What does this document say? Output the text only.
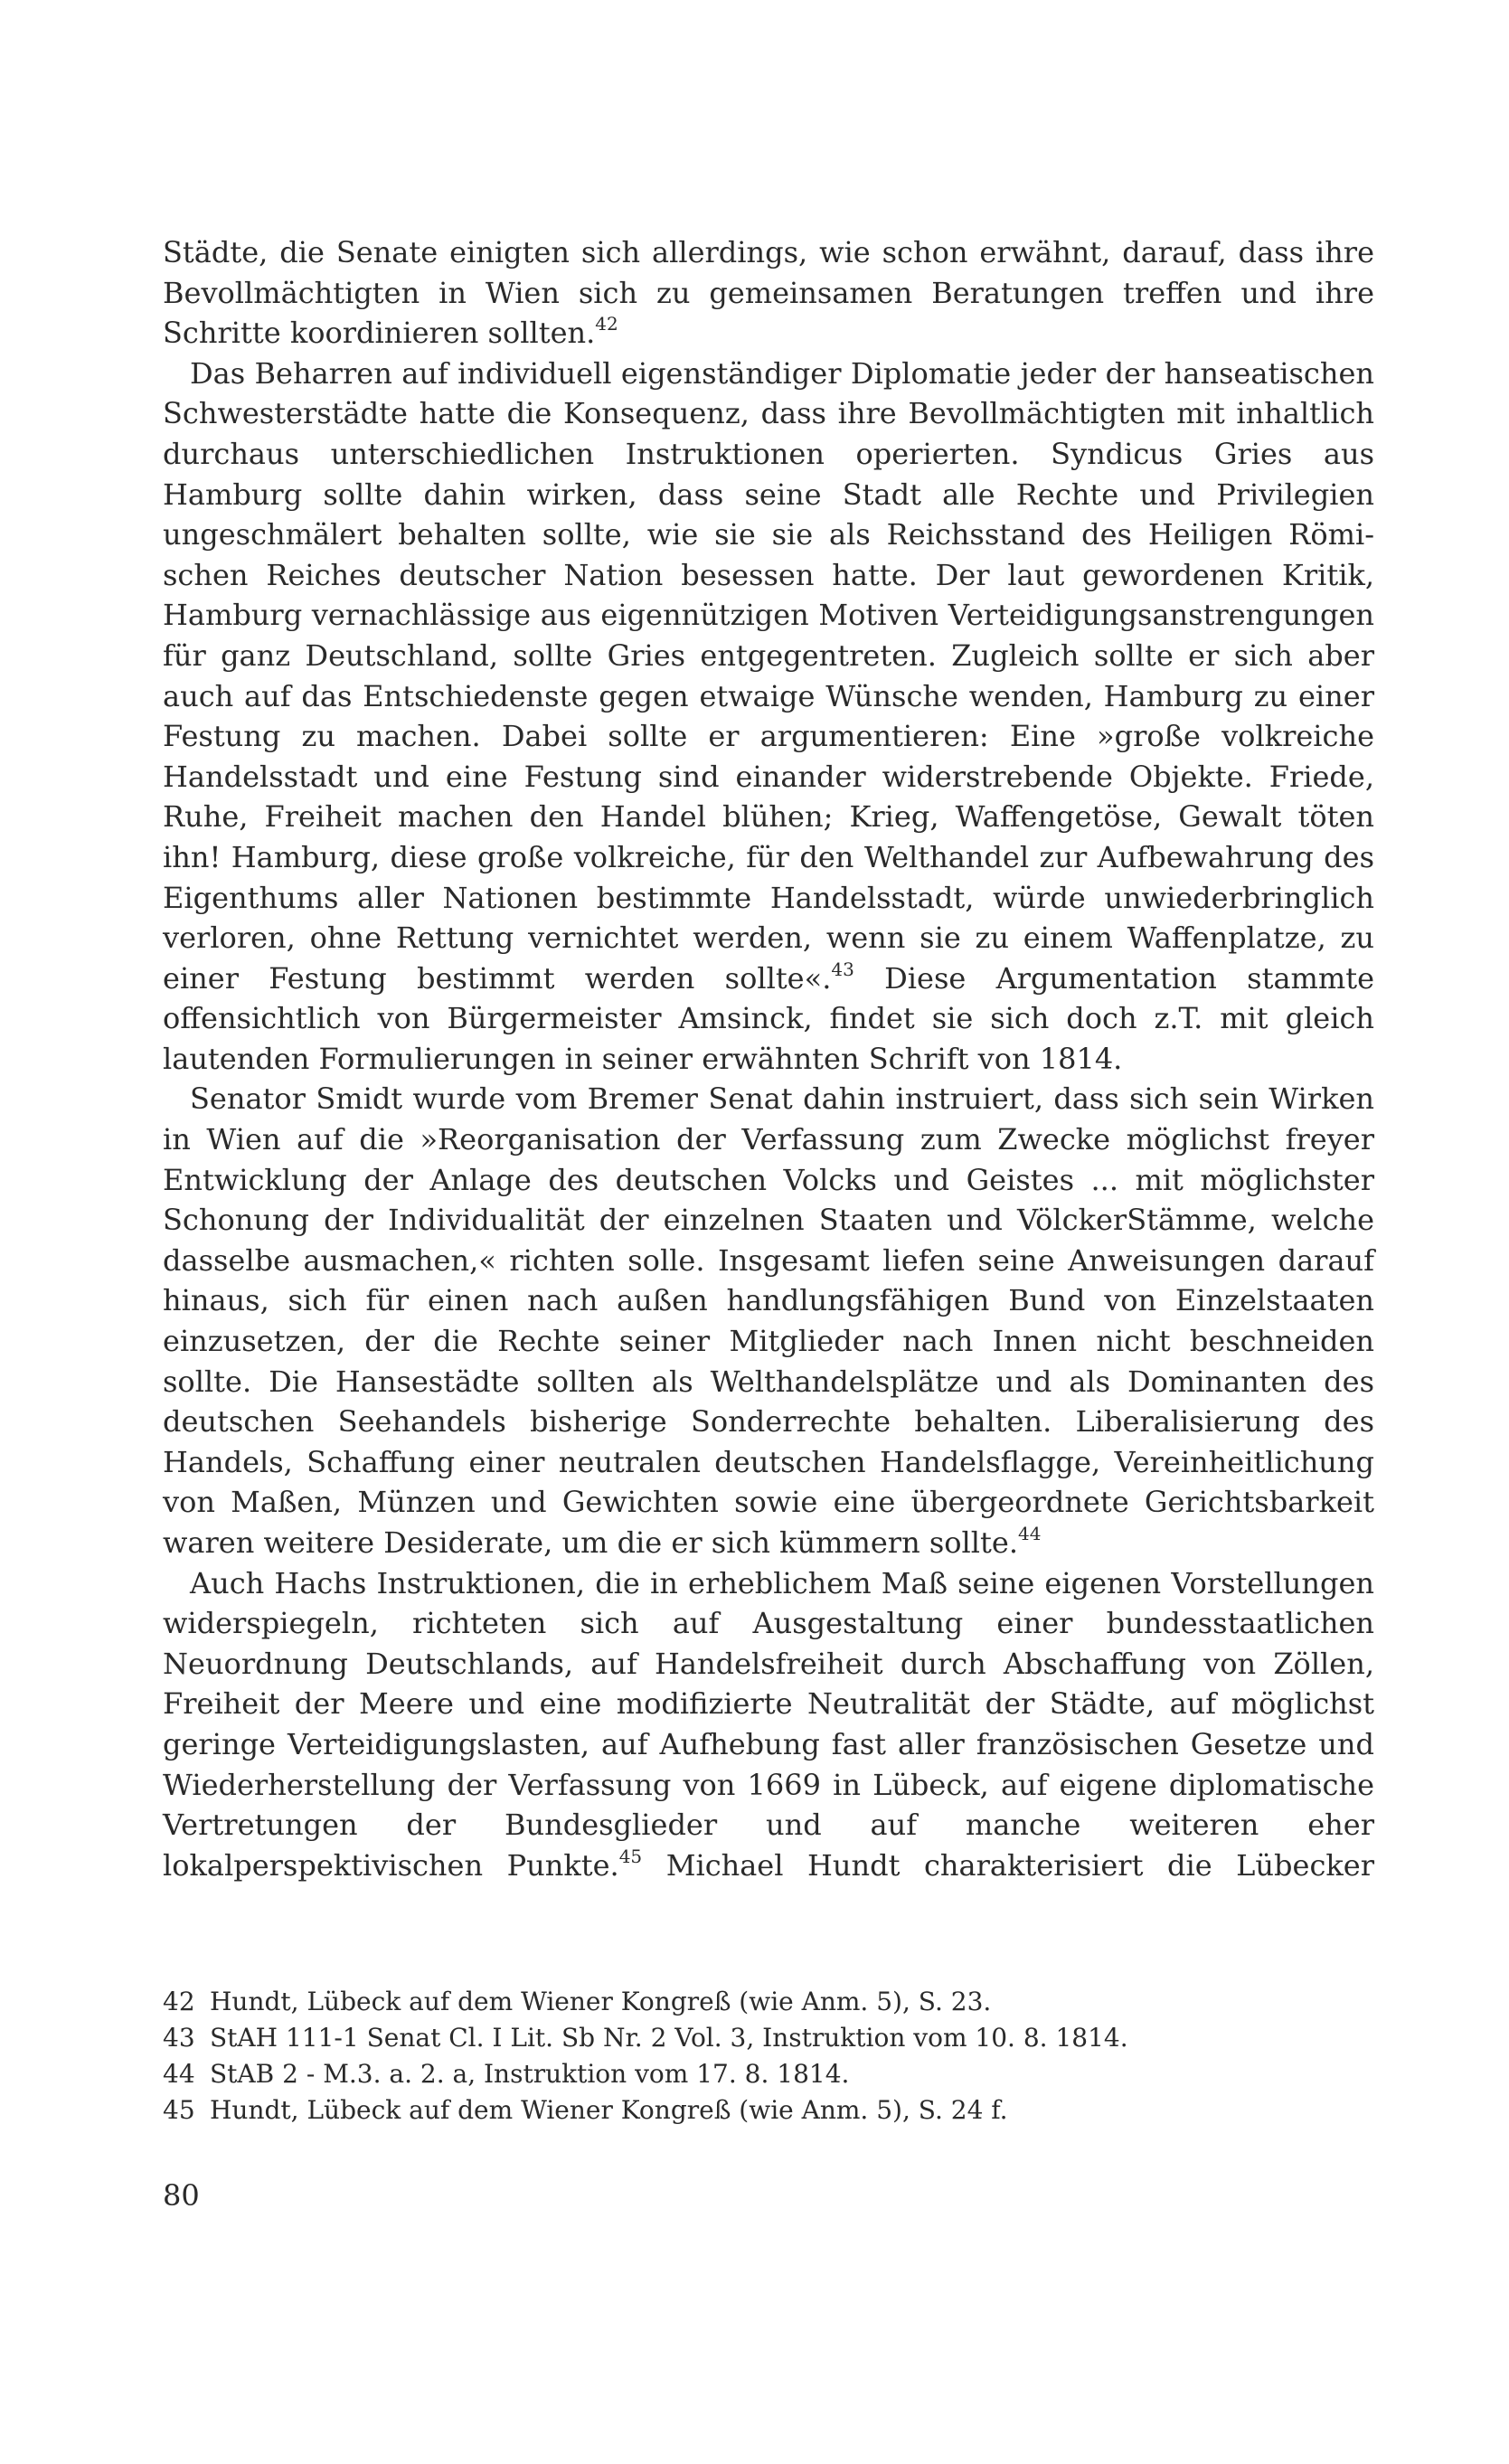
Städte, die Senate einigten sich allerdings, wie schon erwähnt, darauf, dass ihre Bevollmächtigten in Wien sich zu gemeinsamen Beratungen treffen und ihre Schritte koordinieren sollten.$^{42}$

Das Beharren auf individuell eigenständiger Diplomatie jeder der hanseatischen Schwesterstädte hatte die Konsequenz, dass ihre Bevollmächtigten mit inhaltlich durchaus unterschiedlichen Instruktionen operierten. Syndicus Gries aus Hamburg sollte dahin wirken, dass seine Stadt alle Rechte und Privilegien ungeschmälert behalten sollte, wie sie sie als Reichsstand des Heiligen Römischen Reiches deutscher Nation besessen hatte. Der laut gewordenen Kritik, Hamburg vernachlässige aus eigennützigen Motiven Verteidigungsanstrengungen für ganz Deutschland, sollte Gries entgegentreten. Zugleich sollte er sich aber auch auf das Entschiedenste gegen etwaige Wünsche wenden, Hamburg zu einer Festung zu machen. Dabei sollte er argumentieren: Eine »große volkreiche Handelsstadt und eine Festung sind einander widerstrebende Objekte. Friede, Ruhe, Freiheit machen den Handel blühen; Krieg, Waffengetöse, Gewalt töten ihn! Hamburg, diese große volkreiche, für den Welthandel zur Aufbewahrung des Eigenthums aller Nationen bestimmte Handelsstadt, würde unwiederbringlich verloren, ohne Rettung vernichtet werden, wenn sie zu einem Waffenplatze, zu einer Festung bestimmt werden sollte«.$^{43}$ Diese Argumentation stammte offensichtlich von Bürgermeister Amsinck, findet sie sich doch z.T. mit gleich lautenden Formulierungen in seiner erwähnten Schrift von 1814.

Senator Smidt wurde vom Bremer Senat dahin instruiert, dass sich sein Wirken in Wien auf die »Reorganisation der Verfassung zum Zwecke möglichst freyer Entwicklung der Anlage des deutschen Volcks und Geistes ... mit möglichster Schonung der Individualität der einzelnen Staaten und VölckerStämme, welche dasselbe ausmachen,« richten solle. Insgesamt liefen seine Anweisungen darauf hinaus, sich für einen nach außen handlungsfähigen Bund von Einzelstaaten einzusetzen, der die Rechte seiner Mitglieder nach Innen nicht beschneiden sollte. Die Hansestädte sollten als Welthandelsplätze und als Dominanten des deutschen Seehandels bisherige Sonderrechte behalten. Liberalisierung des Handels, Schaffung einer neutralen deutschen Handelsflagge, Vereinheitlichung von Maßen, Münzen und Gewichten sowie eine übergeordnete Gerichtsbarkeit waren weitere Desiderate, um die er sich kümmern sollte.$^{44}$

Auch Hachs Instruktionen, die in erheblichem Maß seine eigenen Vorstellungen widerspiegeln, richteten sich auf Ausgestaltung einer bundesstaatlichen Neuordnung Deutschlands, auf Handelsfreiheit durch Abschaffung von Zöllen, Freiheit der Meere und eine modifizierte Neutralität der Städte, auf möglichst geringe Verteidigungslasten, auf Aufhebung fast aller französischen Gesetze und Wiederherstellung der Verfassung von 1669 in Lübeck, auf eigene diplomatische Vertretungen der Bundesglieder und auf manche weiteren eher lokalperspektivischen Punkte.$^{45}$ Michael Hundt charakterisiert die Lübecker

42 Hundt, Lübeck auf dem Wiener Kongreß (wie Anm. 5), S. 23.
43 StAH 111-1 Senat Cl. I Lit. Sb Nr. 2 Vol. 3, Instruktion vom 10. 8. 1814.
44 StAB 2 - M.3. a. 2. a, Instruktion vom 17. 8. 1814.
45 Hundt, Lübeck auf dem Wiener Kongreß (wie Anm. 5), S. 24 f.
80
